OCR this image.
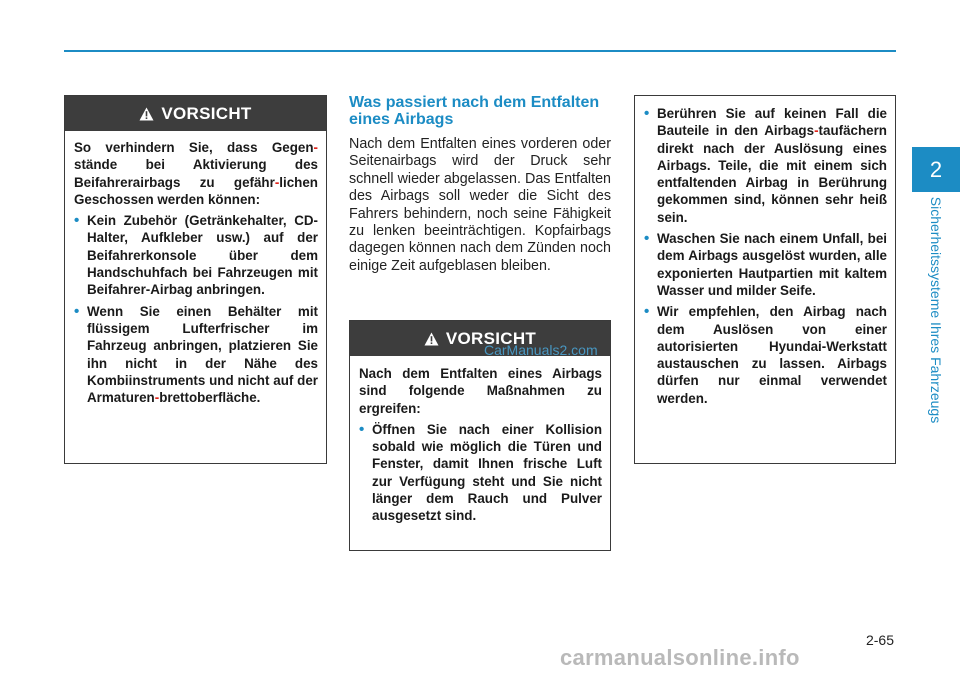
2
Sicherheitssysteme Ihres Fahrzeugs
VORSICHT

So verhindern Sie, dass Gegen-stände bei Aktivierung des Beifahrerairbags zu gefähr-lichen Geschossen werden können:

• Kein Zubehör (Getränkehalter, CD-Halter, Aufkleber usw.) auf der Beifahrerkonsole über dem Handschuhfach bei Fahrzeugen mit Beifahrer-Airbag anbringen.
• Wenn Sie einen Behälter mit flüssigem Lufterfrischer im Fahrzeug anbringen, platzieren Sie ihn nicht in der Nähe des Kombiinstruments und nicht auf der Armaturen-brettoberfläche.
Was passiert nach dem Entfalten eines Airbags

Nach dem Entfalten eines vorderen oder Seitenairbags wird der Druck sehr schnell wieder abgelassen. Das Entfalten des Airbags soll weder die Sicht des Fahrers behindern, noch seine Fähigkeit zu lenken beeinträchtigen. Kopfairbags dagegen können nach dem Zünden noch einige Zeit aufgeblasen bleiben.

VORSICHT

Nach dem Entfalten eines Airbags sind folgende Maßnahmen zu ergreifen:

• Öffnen Sie nach einer Kollision sobald wie möglich die Türen und Fenster, damit Ihnen frische Luft zur Verfügung steht und Sie nicht länger dem Rauch und Pulver ausgesetzt sind.
• Berühren Sie auf keinen Fall die Bauteile in den Airbags-taufächern direkt nach der Auslösung eines Airbags. Teile, die mit einem sich entfaltenden Airbag in Berührung gekommen sind, können sehr heiß sein.
• Waschen Sie nach einem Unfall, bei dem Airbags ausgelöst wurden, alle exponierten Hautpartien mit kaltem Wasser und milder Seife.
• Wir empfehlen, den Airbag nach dem Auslösen von einer autorisierten Hyundai-Werkstatt austauschen zu lassen. Airbags dürfen nur einmal verwendet werden.
CarManuals2.com
2-65
carmanualsonline.info
